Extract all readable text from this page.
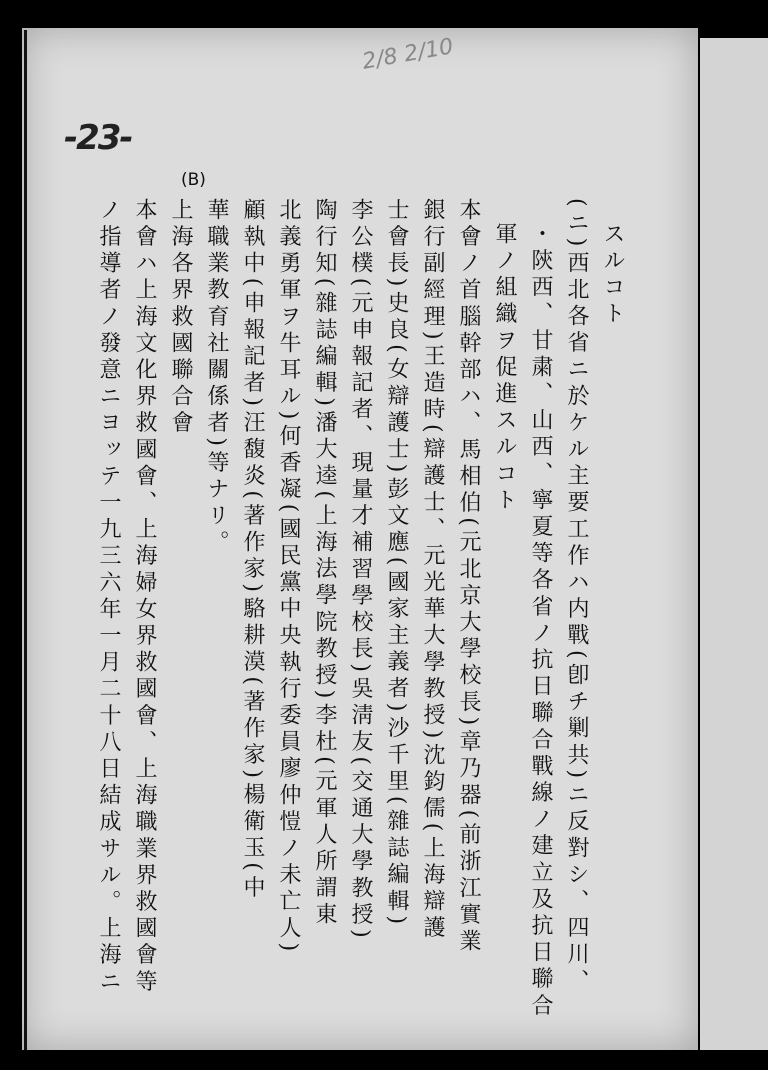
-23-
2/8 2/10
(B)
スルコト
(ニ)西北各省ニ於ケル主要工作ハ内戰(卽チ剿共)ニ反對シ、四川、
・陝西、甘粛、山西、寧夏等各省ノ抗日聯合戰線ノ建立及抗日聯合
軍ノ組織ヲ促進スルコト
本會ノ首腦幹部ハ、馬相伯(元北京大學校長)章乃器(前浙江實業
銀行副經理)王造時(辯護士、元光華大學教授)沈鈞儒(上海辯護
士會長)史良(女辯護士)彭文應(國家主義者)沙千里(雜誌編輯)
李公樸(元申報記者、現量才補習學校長)吳淸友(交通大學教授)
陶行知(雜誌編輯)潘大逵(上海法學院教授)李杜(元軍人所謂東
北義勇軍ヲ牛耳ル)何香凝(國民黨中央執行委員廖仲愷ノ未亡人)
顧執中(申報記者)汪馥炎(著作家)駱耕漠(著作家)楊衛玉(中
華職業教育社關係者)等ナリ。
上海各界救國聯合會
本會ハ上海文化界救國會、上海婦女界救國會、上海職業界救國會等
ノ指導者ノ發意ニヨッテ一九三六年一月二十八日結成サル。上海ニ
